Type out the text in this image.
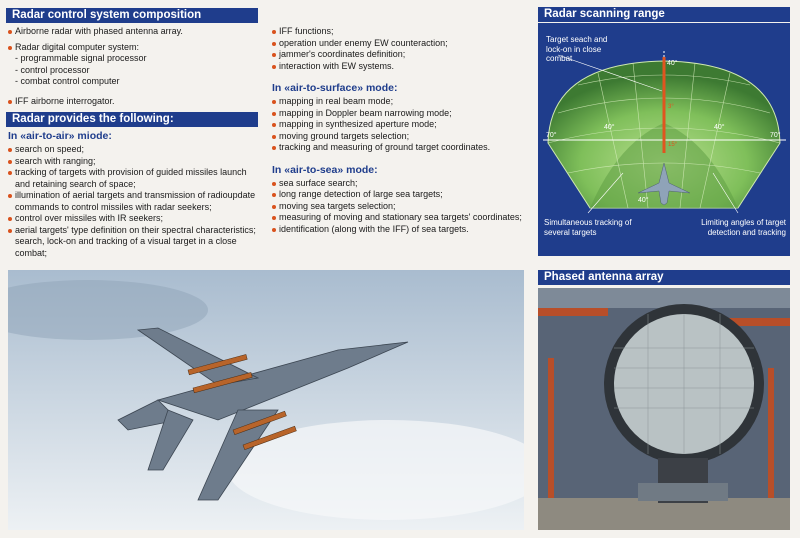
Radar control system composition
Airborne radar with phased antenna array.
Radar digital computer system:
- programmable signal processor
- control processor
- combat control computer
IFF airborne interrogator.
Radar provides the following:
In «air-to-air» miode:
search on speed;
search with ranging;
tracking of targets with provision of guided missiles launch and retaining search of space;
illumination of aerial targets and transmission of radioupdate commands to control missiles with radar seekers;
control over missiles with IR seekers;
aerial targets' type definition on their spectral characteristics; search, lock-on and tracking of a visual target in a close combat;
IFF functions;
operation under enemy EW counteraction;
jammer's coordinates definition;
interaction with EW systems.
In «air-to-surface» mode:
mapping in real beam mode;
mapping in Doppler beam narrowing mode;
mapping in synthesized aperture mode;
moving ground targets selection;
tracking and measuring of ground target coordinates.
In «air-to-sea» mode:
sea surface search;
long range detection of large sea targets;
moving sea targets selection;
measuring of moving and stationary sea targets' coordinates;
identification (along with the IFF) of sea targets.
Radar scanning range
Target seach and lock-on in close combat
Simultaneous tracking of several targets
Limiting angles of target detection and tracking
40°
70°	70°
40°	40°
40°
3°
15°
Phased antenna array
